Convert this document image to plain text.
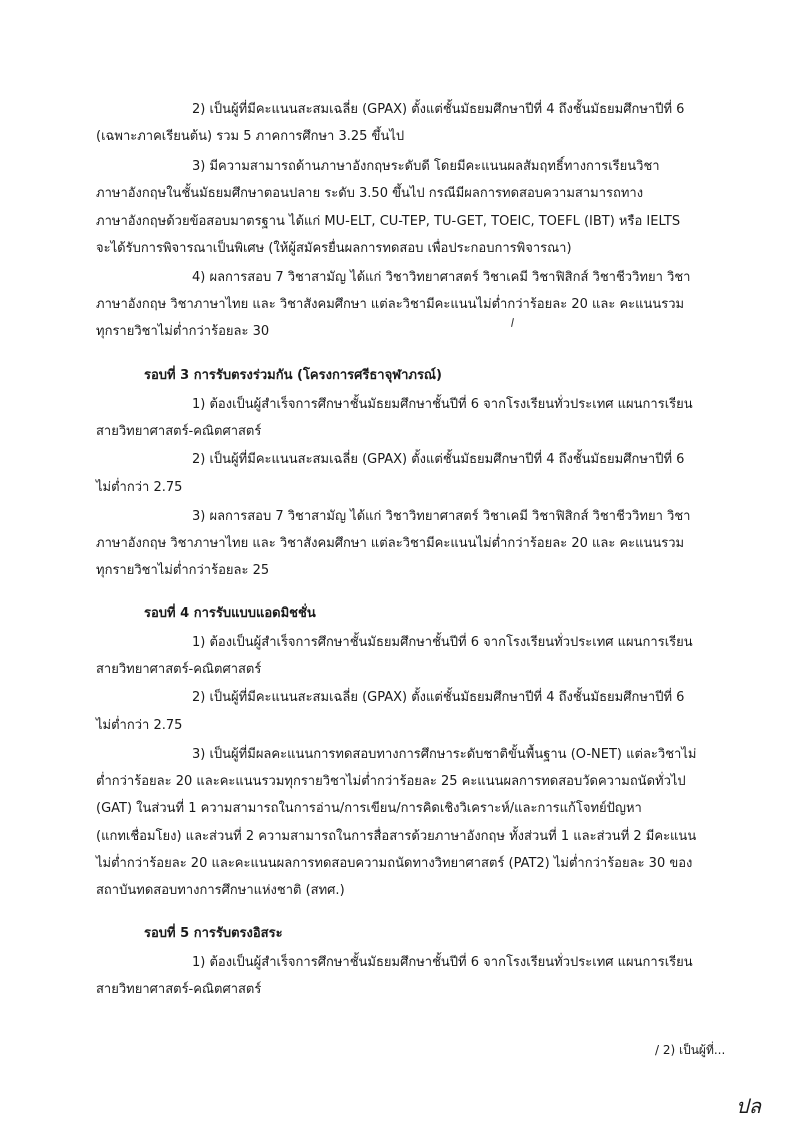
2) เป็นผู้ที่มีคะแนนสะสมเฉลี่ย (GPAX) ตั้งแต่ชั้นมัธยมศึกษาปีที่ 4 ถึงชั้นมัธยมศึกษาปีที่ 6
(เฉพาะภาคเรียนต้น) รวม 5 ภาคการศึกษา 3.25 ขึ้นไป
3) มีความสามารถด้านภาษาอังกฤษระดับดี โดยมีคะแนนผลสัมฤทธิ์ทางการเรียนวิชา
ภาษาอังกฤษในชั้นมัธยมศึกษาตอนปลาย ระดับ 3.50 ขึ้นไป กรณีมีผลการทดสอบความสามารถทาง
ภาษาอังกฤษด้วยข้อสอบมาตรฐาน ได้แก่ MU-ELT, CU-TEP, TU-GET, TOEIC, TOEFL (IBT) หรือ IELTS
จะได้รับการพิจารณาเป็นพิเศษ (ให้ผู้สมัครยื่นผลการทดสอบ เพื่อประกอบการพิจารณา)
4) ผลการสอบ 7 วิชาสามัญ ได้แก่ วิชาวิทยาศาสตร์ วิชาเคมี วิชาฟิสิกส์ วิชาชีววิทยา วิชา
ภาษาอังกฤษ วิชาภาษาไทย และ วิชาสังคมศึกษา แต่ละวิชามีคะแนนไม่ต่ำกว่าร้อยละ 20 และ คะแนนรวม
ทุกรายวิชาไม่ต่ำกว่าร้อยละ 30
รอบที่ 3 การรับตรงร่วมกัน (โครงการศรีธาจุฬาภรณ์)
1) ต้องเป็นผู้สำเร็จการศึกษาชั้นมัธยมศึกษาชั้นปีที่ 6 จากโรงเรียนทั่วประเทศ แผนการเรียน
สายวิทยาศาสตร์-คณิตศาสตร์
2) เป็นผู้ที่มีคะแนนสะสมเฉลี่ย (GPAX) ตั้งแต่ชั้นมัธยมศึกษาปีที่ 4 ถึงชั้นมัธยมศึกษาปีที่ 6
ไม่ต่ำกว่า 2.75
3) ผลการสอบ 7 วิชาสามัญ ได้แก่ วิชาวิทยาศาสตร์ วิชาเคมี วิชาฟิสิกส์ วิชาชีววิทยา วิชา
ภาษาอังกฤษ วิชาภาษาไทย และ วิชาสังคมศึกษา แต่ละวิชามีคะแนนไม่ต่ำกว่าร้อยละ 20 และ คะแนนรวม
ทุกรายวิชาไม่ต่ำกว่าร้อยละ 25
รอบที่ 4 การรับแบบแอดมิชชั่น
1) ต้องเป็นผู้สำเร็จการศึกษาชั้นมัธยมศึกษาชั้นปีที่ 6 จากโรงเรียนทั่วประเทศ แผนการเรียน
สายวิทยาศาสตร์-คณิตศาสตร์
2) เป็นผู้ที่มีคะแนนสะสมเฉลี่ย (GPAX) ตั้งแต่ชั้นมัธยมศึกษาปีที่ 4 ถึงชั้นมัธยมศึกษาปีที่ 6
ไม่ต่ำกว่า 2.75
3) เป็นผู้ที่มีผลคะแนนการทดสอบทางการศึกษาระดับชาติขั้นพื้นฐาน (O-NET) แต่ละวิชาไม่
ต่ำกว่าร้อยละ 20 และคะแนนรวมทุกรายวิชาไม่ต่ำกว่าร้อยละ 25 คะแนนผลการทดสอบวัดความถนัดทั่วไป
(GAT) ในส่วนที่ 1 ความสามารถในการอ่าน/การเขียน/การคิดเชิงวิเคราะห์/และการแก้โจทย์ปัญหา
(แกทเชื่อมโยง) และส่วนที่ 2 ความสามารถในการสื่อสารด้วยภาษาอังกฤษ ทั้งส่วนที่ 1 และส่วนที่ 2 มีคะแนน
ไม่ต่ำกว่าร้อยละ 20 และคะแนนผลการทดสอบความถนัดทางวิทยาศาสตร์ (PAT2) ไม่ต่ำกว่าร้อยละ 30 ของ
สถาบันทดสอบทางการศึกษาแห่งชาติ (สทศ.)
รอบที่ 5 การรับตรงอิสระ
1) ต้องเป็นผู้สำเร็จการศึกษาชั้นมัธยมศึกษาชั้นปีที่ 6 จากโรงเรียนทั่วประเทศ แผนการเรียน
สายวิทยาศาสตร์-คณิตศาสตร์
/ 2) เป็นผู้ที่...
ปล
